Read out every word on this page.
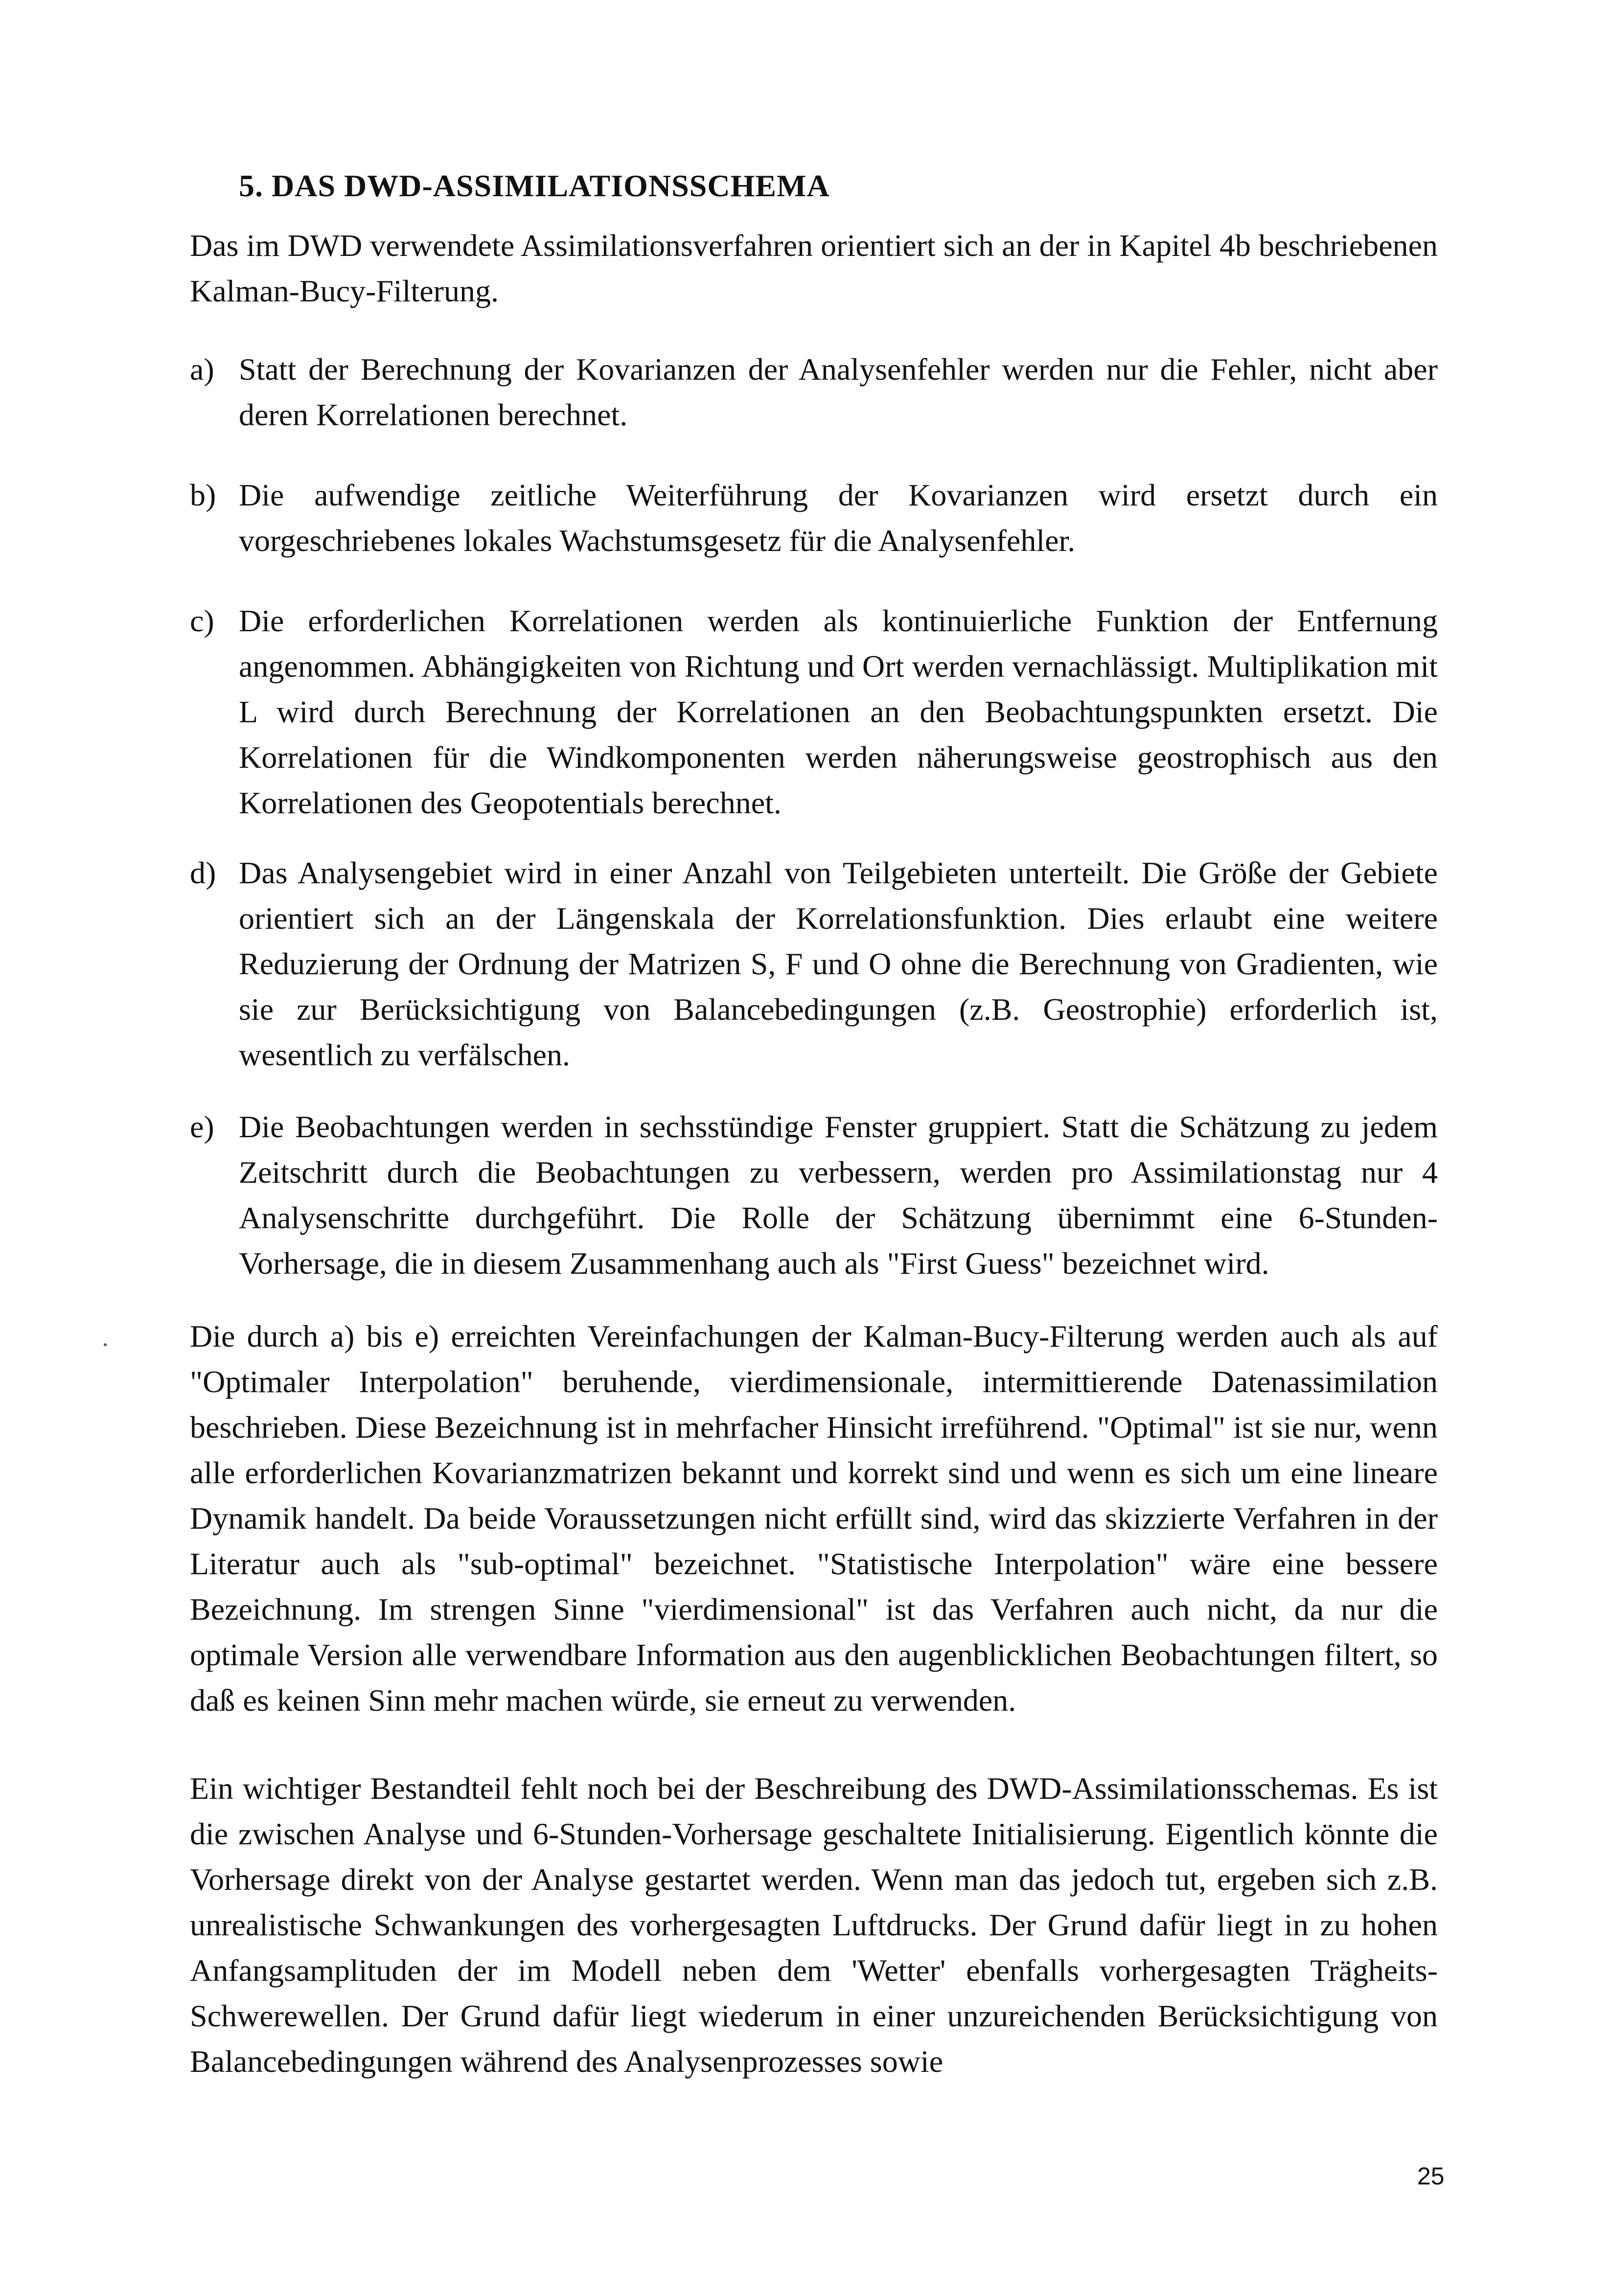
5. DAS DWD-ASSIMILATIONSSCHEMA

Das im DWD verwendete Assimilationsverfahren orientiert sich an der in Kapitel 4b beschriebenen Kalman-Bucy-Filterung.

a) Statt der Berechnung der Kovarianzen der Analysenfehler werden nur die Fehler, nicht aber deren Korrelationen berechnet.
b) Die aufwendige zeitliche Weiterführung der Kovarianzen wird ersetzt durch ein vorgeschriebenes lokales Wachstumsgesetz für die Analysenfehler.
c) Die erforderlichen Korrelationen werden als kontinuierliche Funktion der Entfernung angenommen. Abhängigkeiten von Richtung und Ort werden vernachlässigt. Multiplikation mit L wird durch Berechnung der Korrelationen an den Beobachtungspunkten ersetzt. Die Korrelationen für die Windkomponenten werden näherungsweise geostrophisch aus den Korrelationen des Geopotentials berechnet.
d) Das Analysengebiet wird in einer Anzahl von Teilgebieten unterteilt. Die Größe der Gebiete orientiert sich an der Längenskala der Korrelationsfunktion. Dies erlaubt eine weitere Reduzierung der Ordnung der Matrizen S, F und O ohne die Berechnung von Gradienten, wie sie zur Berücksichtigung von Balancebedingungen (z.B. Geostrophie) erforderlich ist, wesentlich zu verfälschen.
e) Die Beobachtungen werden in sechsstündige Fenster gruppiert. Statt die Schätzung zu jedem Zeitschritt durch die Beobachtungen zu verbessern, werden pro Assimilationstag nur 4 Analysenschritte durchgeführt. Die Rolle der Schätzung übernimmt eine 6-Stunden-Vorhersage, die in diesem Zusammenhang auch als "First Guess" bezeichnet wird.

Die durch a) bis e) erreichten Vereinfachungen der Kalman-Bucy-Filterung werden auch als auf "Optimaler Interpolation" beruhende, vierdimensionale, intermittierende Datenassimilation beschrieben. Diese Bezeichnung ist in mehrfacher Hinsicht irreführend. "Optimal" ist sie nur, wenn alle erforderlichen Kovarianzmatrizen bekannt und korrekt sind und wenn es sich um eine lineare Dynamik handelt. Da beide Voraussetzungen nicht erfüllt sind, wird das skizzierte Verfahren in der Literatur auch als "sub-optimal" bezeichnet. "Statistische Interpolation" wäre eine bessere Bezeichnung. Im strengen Sinne "vierdimensional" ist das Verfahren auch nicht, da nur die optimale Version alle verwendbare Information aus den augenblicklichen Beobachtungen filtert, so daß es keinen Sinn mehr machen würde, sie erneut zu verwenden.

Ein wichtiger Bestandteil fehlt noch bei der Beschreibung des DWD-Assimilationsschemas. Es ist die zwischen Analyse und 6-Stunden-Vorhersage geschaltete Initialisierung. Eigentlich könnte die Vorhersage direkt von der Analyse gestartet werden. Wenn man das jedoch tut, ergeben sich z.B. unrealistische Schwankungen des vorhergesagten Luftdrucks. Der Grund dafür liegt in zu hohen Anfangsamplituden der im Modell neben dem 'Wetter' ebenfalls vorhergesagten Trägheits-Schwerewellen. Der Grund dafür liegt wiederum in einer unzureichenden Berücksichtigung von Balancebedingungen während des Analysenprozesses sowie

25
